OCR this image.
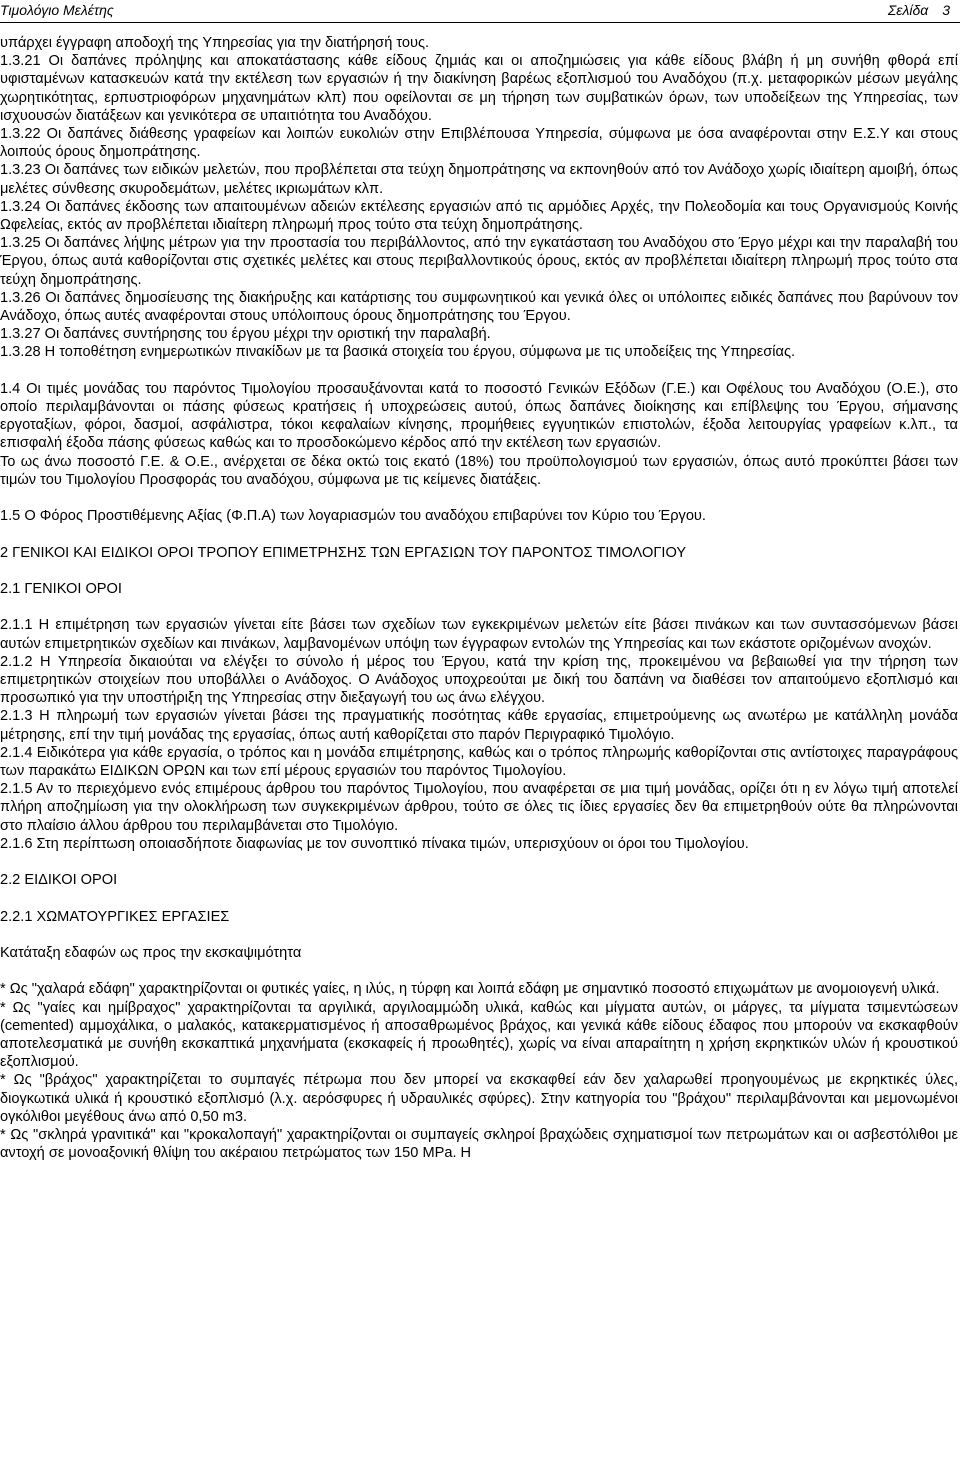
Τιμολόγιο Μελέτης	Σελίδα 3

υπάρχει έγγραφη αποδοχή της Υπηρεσίας για την διατήρησή τους.

1.3.21 Οι δαπάνες πρόληψης και αποκατάστασης κάθε είδους ζημιάς και οι αποζημιώσεις για κάθε είδους βλάβη ή μη συνήθη φθορά επί υφισταμένων κατασκευών κατά την εκτέλεση των εργασιών ή την διακίνηση βαρέως εξοπλισμού του Αναδόχου (π.χ. μεταφορικών μέσων μεγάλης χωρητικότητας, ερπυστριοφόρων μηχανημάτων κλπ) που οφείλονται σε μη τήρηση των συμβατικών όρων, των υποδείξεων της Υπηρεσίας, των ισχυουσών διατάξεων και γενικότερα σε υπαιτιότητα του Αναδόχου.

1.3.22 Οι δαπάνες διάθεσης γραφείων και λοιπών ευκολιών στην Επιβλέπουσα Υπηρεσία, σύμφωνα με όσα αναφέρονται στην Ε.Σ.Υ και στους λοιπούς όρους δημοπράτησης.

1.3.23 Οι δαπάνες των ειδικών μελετών, που προβλέπεται στα τεύχη δημοπράτησης να εκπονηθούν από τον Ανάδοχο χωρίς ιδιαίτερη αμοιβή, όπως μελέτες σύνθεσης σκυροδεμάτων, μελέτες ικριωμάτων κλπ.

1.3.24 Οι δαπάνες έκδοσης των απαιτουμένων αδειών εκτέλεσης εργασιών από τις αρμόδιες Αρχές, την Πολεοδομία και τους Οργανισμούς Κοινής Ωφελείας, εκτός αν προβλέπεται ιδιαίτερη πληρωμή προς τούτο στα τεύχη δημοπράτησης.

1.3.25 Οι δαπάνες λήψης μέτρων για την προστασία του περιβάλλοντος, από την εγκατάσταση του Αναδόχου στο Έργο μέχρι και την παραλαβή του Έργου, όπως αυτά καθορίζονται στις σχετικές μελέτες και στους περιβαλλοντικούς όρους, εκτός αν προβλέπεται ιδιαίτερη πληρωμή προς τούτο στα τεύχη δημοπράτησης.

1.3.26 Οι δαπάνες δημοσίευσης της διακήρυξης και κατάρτισης του συμφωνητικού και γενικά όλες οι υπόλοιπες ειδικές δαπάνες που βαρύνουν τον Ανάδοχο, όπως αυτές αναφέρονται στους υπόλοιπους όρους δημοπράτησης του Έργου.

1.3.27 Οι δαπάνες συντήρησης του έργου μέχρι την οριστική την παραλαβή.

1.3.28 Η τοποθέτηση ενημερωτικών πινακίδων με τα βασικά στοιχεία του έργου, σύμφωνα με τις υποδείξεις της Υπηρεσίας.

1.4 Οι τιμές μονάδας του παρόντος Τιμολογίου προσαυξάνονται κατά το ποσοστό Γενικών Εξόδων (Γ.Ε.) και Οφέλους του Αναδόχου (Ο.Ε.), στο οποίο περιλαμβάνονται οι πάσης φύσεως κρατήσεις ή υποχρεώσεις αυτού, όπως δαπάνες διοίκησης και επίβλεψης του Έργου, σήμανσης εργοταξίων, φόροι, δασμοί, ασφάλιστρα, τόκοι κεφαλαίων κίνησης, προμήθειες εγγυητικών επιστολών, έξοδα λειτουργίας γραφείων κ.λπ., τα επισφαλή έξοδα πάσης φύσεως καθώς και το προσδοκώμενο κέρδος από την εκτέλεση των εργασιών.

Το ως άνω ποσοστό Γ.Ε. & Ο.Ε., ανέρχεται σε δέκα οκτώ τοις εκατό (18%) του προϋπολογισμού των εργασιών, όπως αυτό προκύπτει βάσει των τιμών του Τιμολογίου Προσφοράς του αναδόχου, σύμφωνα με τις κείμενες διατάξεις.

1.5 Ο Φόρος Προστιθέμενης Αξίας (Φ.Π.Α) των λογαριασμών του αναδόχου επιβαρύνει τον Κύριο του Έργου.

2 ΓΕΝΙΚΟΙ ΚΑΙ ΕΙΔΙΚΟΙ ΟΡΟΙ ΤΡΟΠΟΥ ΕΠΙΜΕΤΡΗΣΗΣ ΤΩΝ ΕΡΓΑΣΙΩΝ ΤΟΥ ΠΑΡΟΝΤΟΣ ΤΙΜΟΛΟΓΙΟΥ

2.1 ΓΕΝΙΚΟΙ ΟΡΟΙ

2.1.1 Η επιμέτρηση των εργασιών γίνεται είτε βάσει των σχεδίων των εγκεκριμένων μελετών είτε βάσει πινάκων και των συντασσόμενων βάσει αυτών επιμετρητικών σχεδίων και πινάκων, λαμβανομένων υπόψη των έγγραφων εντολών της Υπηρεσίας και των εκάστοτε οριζομένων ανοχών.

2.1.2 Η Υπηρεσία δικαιούται να ελέγξει το σύνολο ή μέρος του Έργου, κατά την κρίση της, προκειμένου να βεβαιωθεί για την τήρηση των επιμετρητικών στοιχείων που υποβάλλει ο Ανάδοχος. Ο Ανάδοχος υποχρεούται με δική του δαπάνη να διαθέσει τον απαιτούμενο εξοπλισμό και προσωπικό για την υποστήριξη της Υπηρεσίας στην διεξαγωγή του ως άνω ελέγχου.

2.1.3 Η πληρωμή των εργασιών γίνεται βάσει της πραγματικής ποσότητας κάθε εργασίας, επιμετρούμενης ως ανωτέρω με κατάλληλη μονάδα μέτρησης, επί την τιμή μονάδας της εργασίας, όπως αυτή καθορίζεται στο παρόν Περιγραφικό Τιμολόγιο.

2.1.4 Ειδικότερα για κάθε εργασία, ο τρόπος και η μονάδα επιμέτρησης, καθώς και ο τρόπος πληρωμής καθορίζονται στις αντίστοιχες παραγράφους των παρακάτω ΕΙΔΙΚΩΝ ΟΡΩΝ και των επί μέρους εργασιών του παρόντος Τιμολογίου.

2.1.5 Αν το περιεχόμενο ενός επιμέρους άρθρου του παρόντος Τιμολογίου, που αναφέρεται σε μια τιμή μονάδας, ορίζει ότι η εν λόγω τιμή αποτελεί πλήρη αποζημίωση για την ολοκλήρωση των συγκεκριμένων άρθρου, τούτο σε όλες τις ίδιες εργασίες δεν θα επιμετρηθούν ούτε θα πληρώνονται στο πλαίσιο άλλου άρθρου του περιλαμβάνεται στο Τιμολόγιο.

2.1.6 Στη περίπτωση οποιασδήποτε διαφωνίας με τον συνοπτικό πίνακα τιμών, υπερισχύουν οι όροι του Τιμολογίου.

2.2 ΕΙΔΙΚΟΙ ΟΡΟΙ

2.2.1 ΧΩΜΑΤΟΥΡΓΙΚΕΣ ΕΡΓΑΣΙΕΣ

Κατάταξη εδαφών ως προς την εκσκαψιμότητα

* Ως "χαλαρά εδάφη" χαρακτηρίζονται οι φυτικές γαίες, η ιλύς, η τύρφη και λοιπά εδάφη με σημαντικό ποσοστό επιχωμάτων με ανομοιογενή υλικά.

* Ως "γαίες και ημίβραχος" χαρακτηρίζονται τα αργιλικά, αργιλοαμμώδη υλικά, καθώς και μίγματα αυτών, οι μάργες, τα μίγματα τσιμεντώσεων (cemented) αμμοχάλικα, ο μαλακός, κατακερματισμένος ή αποσαθρωμένος βράχος, και γενικά κάθε είδους έδαφος που μπορούν να εκσκαφθούν αποτελεσματικά με συνήθη εκσκαπτικά μηχανήματα (εκσκαφείς ή προωθητές), χωρίς να είναι απαραίτητη η χρήση εκρηκτικών υλών ή κρουστικού εξοπλισμού.

* Ως "βράχος" χαρακτηρίζεται το συμπαγές πέτρωμα που δεν μπορεί να εκσκαφθεί εάν δεν χαλαρωθεί προηγουμένως με εκρηκτικές ύλες, διογκωτικά υλικά ή κρουστικό εξοπλισμό (λ.χ. αερόσφυρες ή υδραυλικές σφύρες). Στην κατηγορία του "βράχου" περιλαμβάνονται και μεμονωμένοι ογκόλιθοι μεγέθους άνω από 0,50 m3.

* Ως "σκληρά γρανιτικά" και "κροκαλοπαγή" χαρακτηρίζονται οι συμπαγείς σκληροί βραχώδεις σχηματισμοί των πετρωμάτων και οι ασβεστόλιθοι με αντοχή σε μονοαξονική θλίψη του ακέραιου πετρώματος των 150 MPa. Η
